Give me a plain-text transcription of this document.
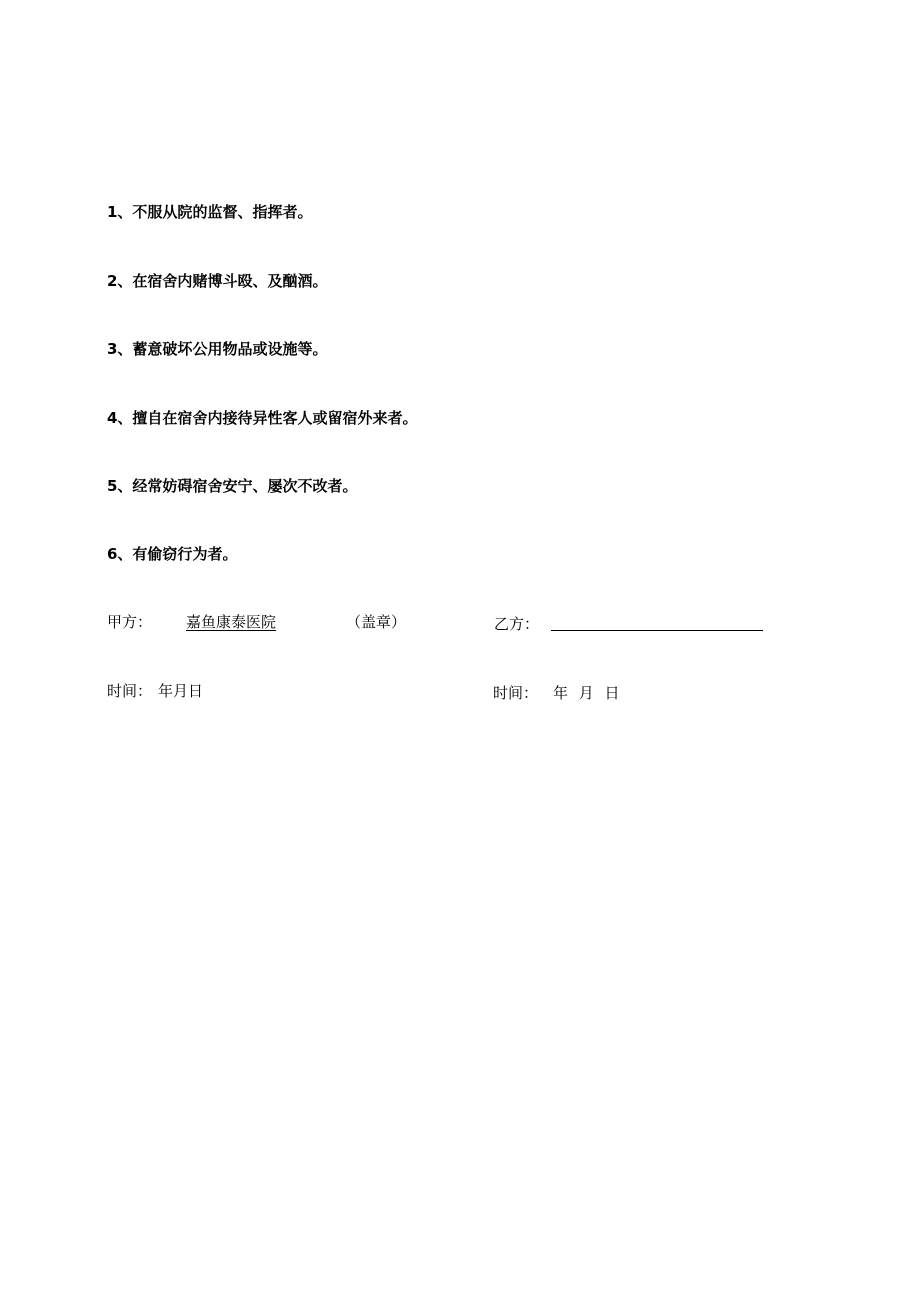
1、不服从院的监督、指挥者。
2、在宿舍内赌博斗殴、及酗酒。
3、蓄意破坏公用物品或设施等。
4、擅自在宿舍内接待异性客人或留宿外来者。
5、经常妨碍宿舍安宁、屡次不改者。
6、有偷窃行为者。
甲方： 嘉鱼康泰医院	（盖章）	乙方：
时间： 年月日	时间： 年 月 日
